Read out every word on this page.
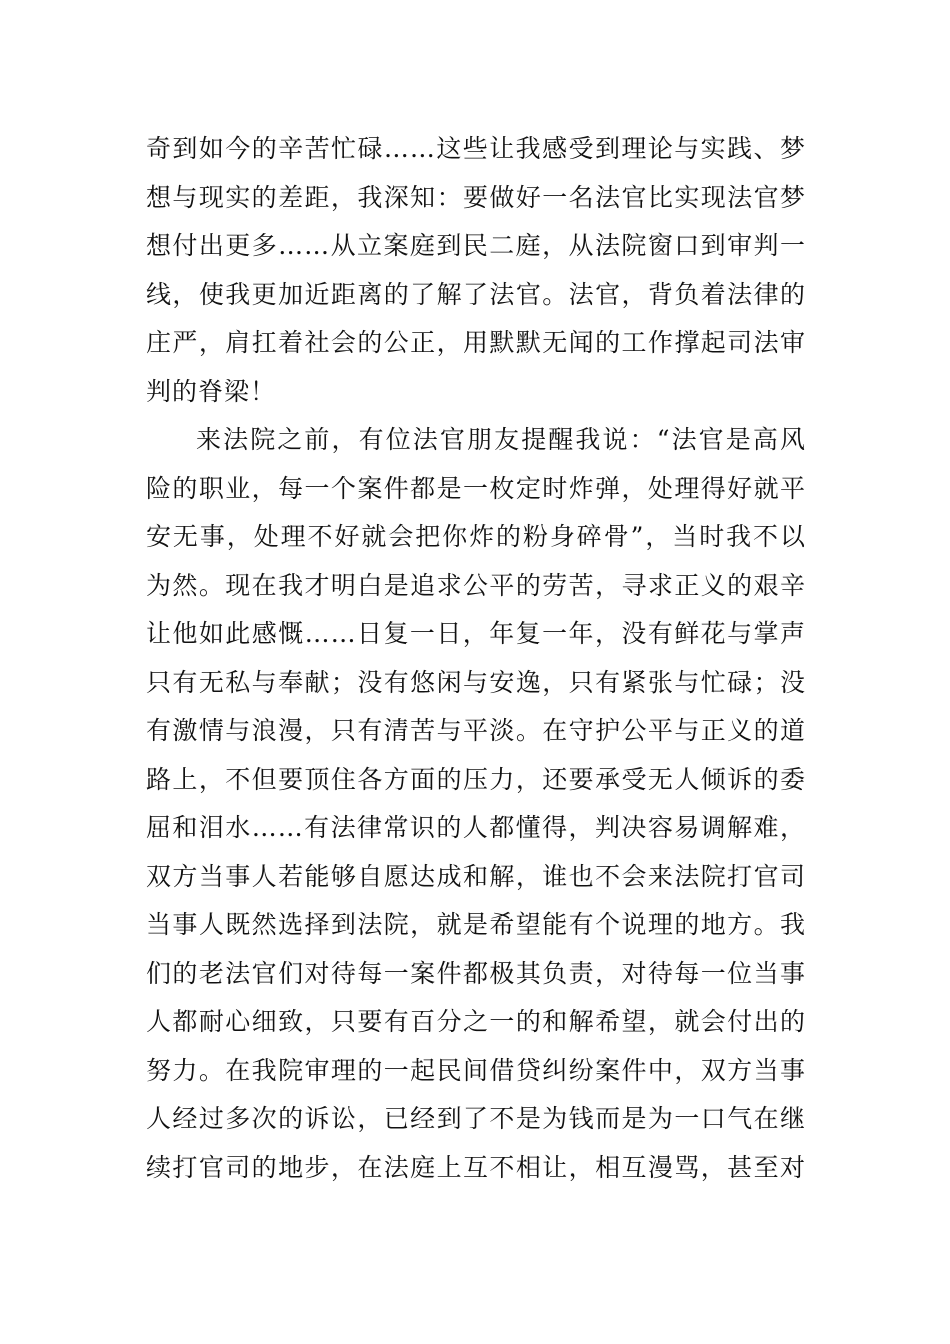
奇到如今的辛苦忙碌……这些让我感受到理论与实践、梦
想与现实的差距，我深知：要做好一名法官比实现法官梦
想付出更多……从立案庭到民二庭，从法院窗口到审判一
线，使我更加近距离的了解了法官。法官，背负着法律的
庄严，肩扛着社会的公正，用默默无闻的工作撑起司法审
判的脊梁！
来法院之前，有位法官朋友提醒我说：“法官是高风
险的职业，每一个案件都是一枚定时炸弹，处理得好就平
安无事，处理不好就会把你炸的粉身碎骨”，当时我不以
为然。现在我才明白是追求公平的劳苦，寻求正义的艰辛
让他如此感慨……日复一日，年复一年，没有鲜花与掌声
只有无私与奉献；没有悠闲与安逸，只有紧张与忙碌；没
有激情与浪漫，只有清苦与平淡。在守护公平与正义的道
路上，不但要顶住各方面的压力，还要承受无人倾诉的委
屈和泪水……有法律常识的人都懂得，判决容易调解难，
双方当事人若能够自愿达成和解，谁也不会来法院打官司
当事人既然选择到法院，就是希望能有个说理的地方。我
们的老法官们对待每一案件都极其负责，对待每一位当事
人都耐心细致，只要有百分之一的和解希望，就会付出的
努力。在我院审理的一起民间借贷纠纷案件中，双方当事
人经过多次的诉讼，已经到了不是为钱而是为一口气在继
续打官司的地步，在法庭上互不相让，相互漫骂，甚至对
